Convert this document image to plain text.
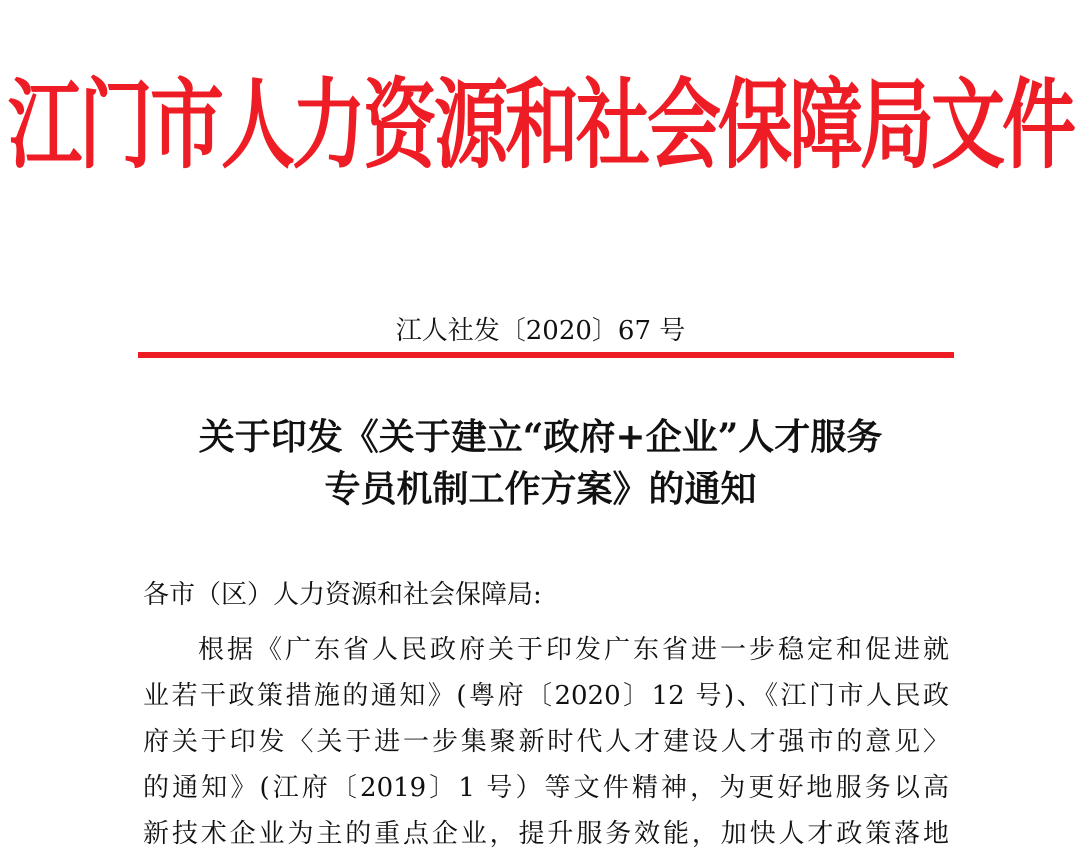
江门市人力资源和社会保障局文件
江人社发〔2020〕67 号
关于印发《关于建立“政府+企业”人才服务
专员机制工作方案》的通知
各市（区）人力资源和社会保障局:
根据《广东省人民政府关于印发广东省进一步稳定和促进就
业若干政策措施的通知》(粤府〔2020〕12 号)、《江门市人民政
府关于印发〈关于进一步集聚新时代人才建设人才强市的意见〉
的通知》(江府〔2019〕1 号）等文件精神，为更好地服务以高
新技术企业为主的重点企业，提升服务效能，加快人才政策落地
